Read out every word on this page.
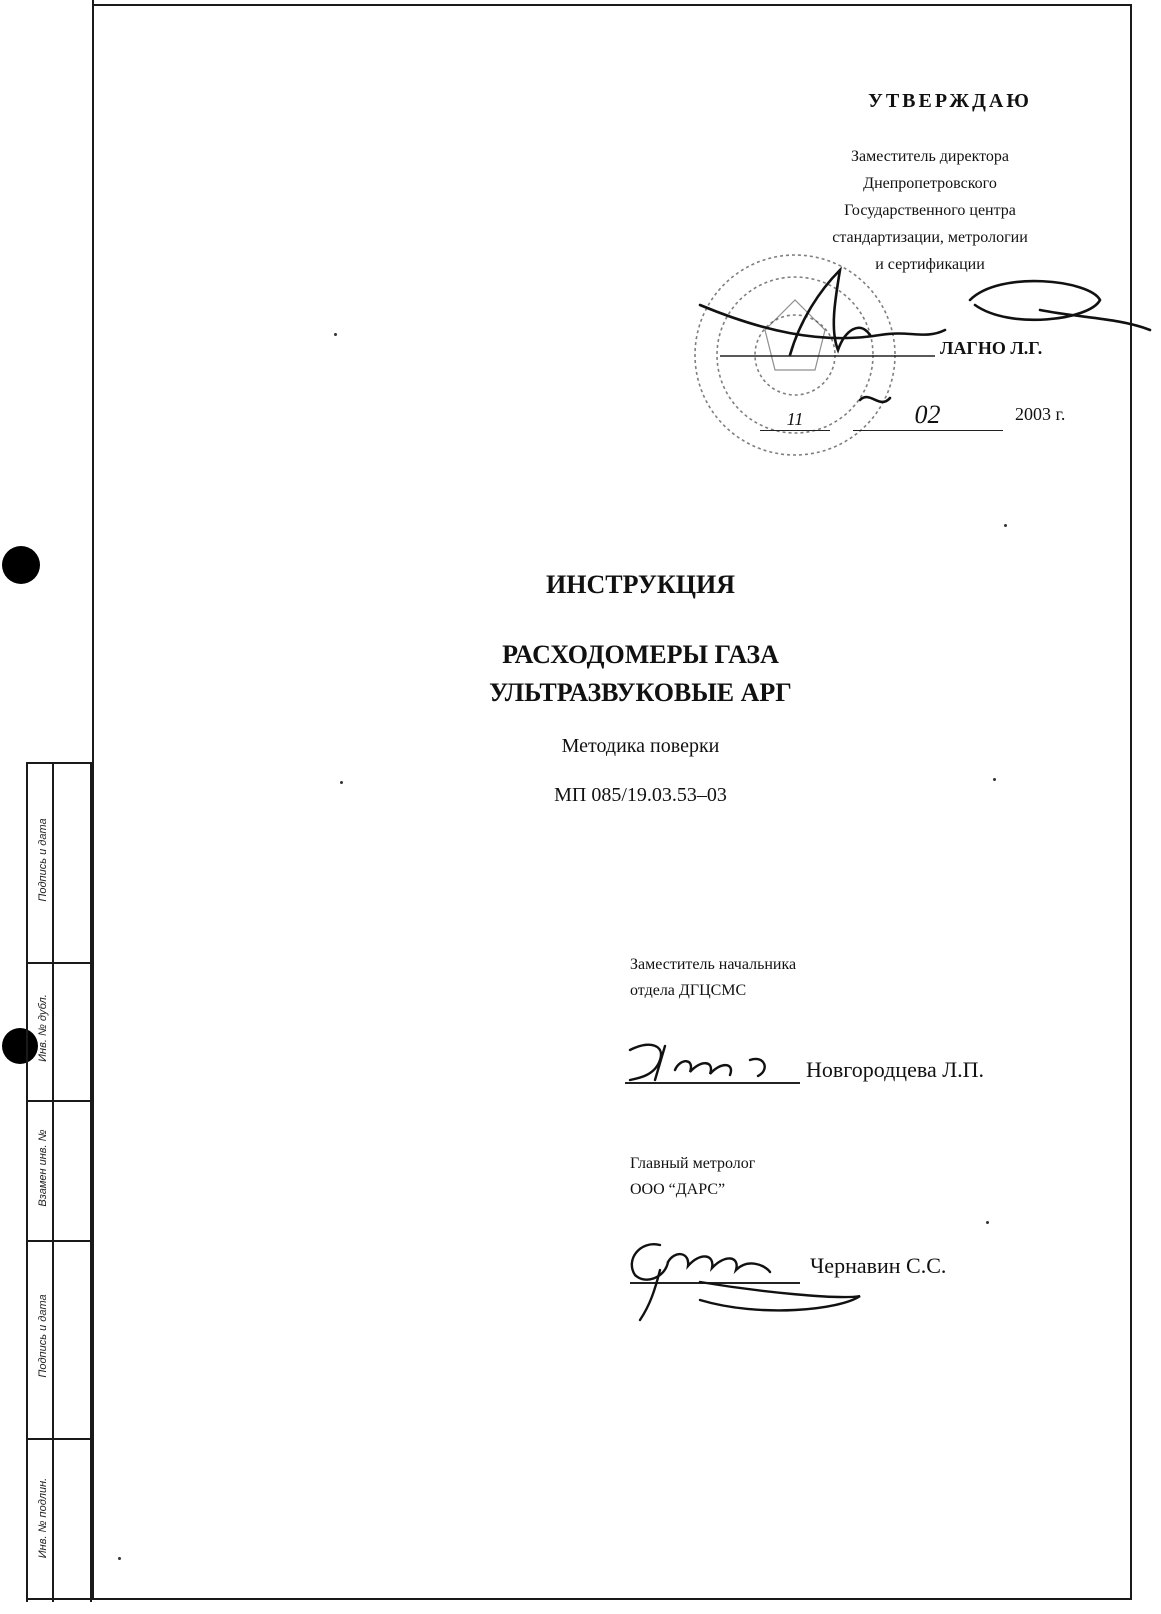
Подпись и дата
Инв. № дубл.
Взамен инв. №
Подпись и дата
Инв. № подлин.
УТВЕРЖДАЮ
Заместитель директора
Днепропетровского
Государственного центра
стандартизации, метрологии
и сертификации
ЛАГНО Л.Г.
11	02	2003 г.
ИНСТРУКЦИЯ
РАСХОДОМЕРЫ ГАЗА
УЛЬТРАЗВУКОВЫЕ АРГ
Методика поверки
МП 085/19.03.53–03
Заместитель начальника
отдела ДГЦСМС
Новгородцева Л.П.
Главный метролог
ООО “ДАРС”
Чернавин С.С.
